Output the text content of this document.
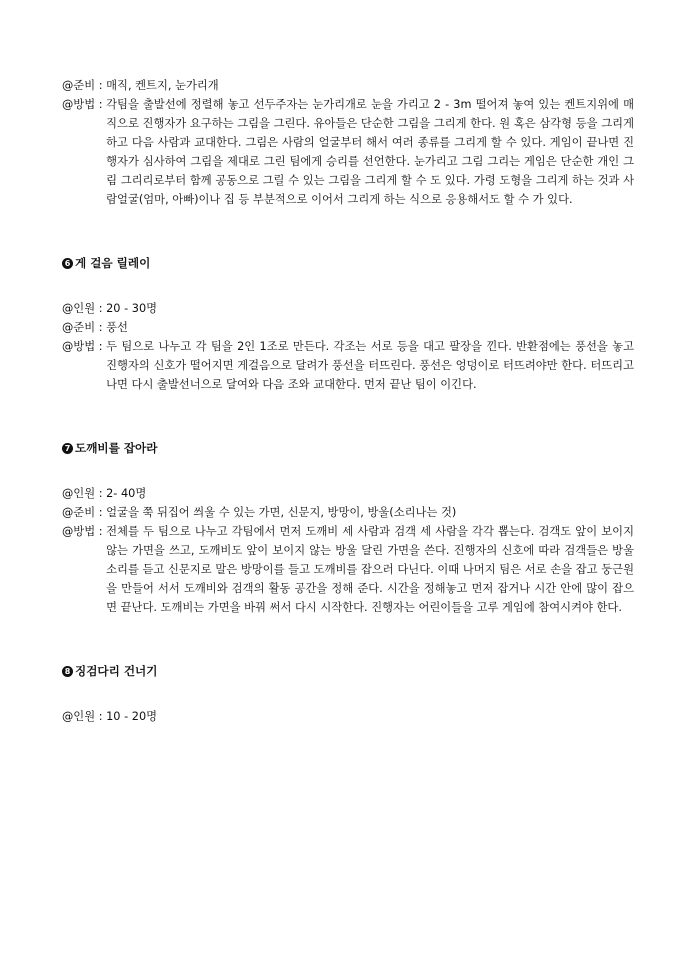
@준비 : 매직, 켄트지, 눈가리개
@방법 : 각팀을 출발선에 정렬해 놓고 선두주자는 눈가리개로 눈을 가리고 2 - 3m 떨어져 놓여 있는 켄트지위에 매직으로 진행자가 요구하는 그림을 그린다. 유아들은 단순한 그림을 그리게 한다. 원 혹은 삼각형 등을 그리게 하고 다음 사람과 교대한다. 그림은 사람의 얼굴부터 해서 여러 종류를 그리게 할 수 있다. 게임이 끝나면 진행자가 심사하여 그림을 제대로 그린 팀에게 승리를 선언한다. 눈가리고 그림 그리는 게임은 단순한 개인 그림 그리리로부터 함께 공동으로 그릴 수 있는 그림을 그리게 할 수 도 있다. 가령 도형을 그리게 하는 것과 사람얼굴(엄마, 아빠)이나 집 등 부분적으로 이어서 그리게 하는 식으로 응용해서도 할 수 가 있다.
6 게 걸음 릴레이
@인원 : 20 - 30명
@준비 : 풍선
@방법 : 두 팀으로 나누고 각 팀을 2인 1조로 만든다. 각조는 서로 등을 대고 팔장을 낀다. 반환점에는 풍선을 놓고 진행자의 신호가 떨어지면 게걸음으로 달려가 풍선을 터뜨린다. 풍선은 엉덩이로 터뜨려야만 한다. 터뜨리고 나면 다시 출발선너으로 달여와 다음 조와 교대한다. 먼저 끝난 팀이 이긴다.
7 도깨비를 잡아라
@인원 : 2- 40명
@준비 : 얼굴을 쭉 뒤집어 씌울 수 있는 가면, 신문지, 방망이, 방울(소리나는 것)
@방법 : 전체를 두 팀으로 나누고 각팀에서 먼저 도깨비 세 사람과 검객 세 사람을 각각 뽑는다. 검객도 앞이 보이지 않는 가면을 쓰고, 도깨비도 앞이 보이지 않는 방울 달린 가면을 쓴다. 진행자의 신호에 따라 검객들은 방울소리를 듣고 신문지로 말은 방망이를 들고 도깨비를 잡으러 다닌다. 이때 나머지 팀은 서로 손을 잡고 둥근원을 만들어 서서 도깨비와 검객의 활동 공간을 정해 준다. 시간을 정해놓고 먼저 잡거나 시간 안에 많이 잡으면 끝난다. 도깨비는 가면을 바꿔 써서 다시 시작한다. 진행자는 어린이들을 고루 게임에 참여시켜야 한다.
8 징검다리 건너기
@인원 : 10 - 20명
